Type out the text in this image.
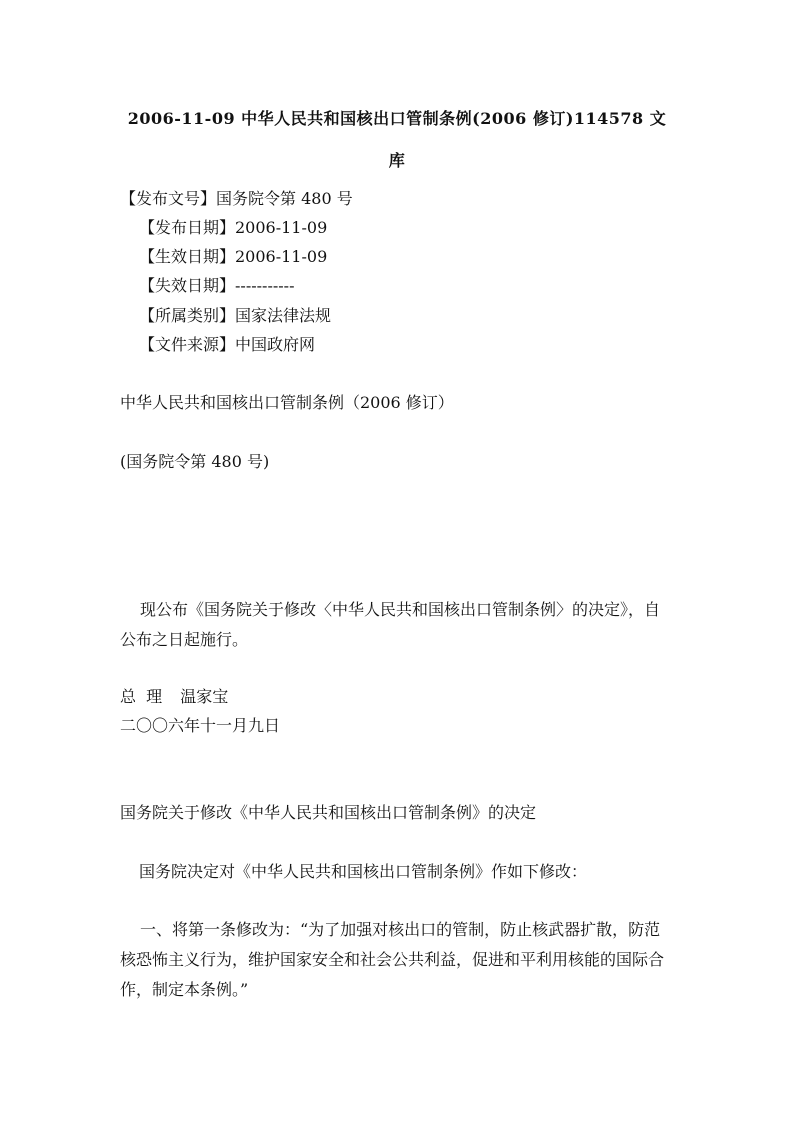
2006-11-09 中华人民共和国核出口管制条例(2006 修订)114578 文
库
【发布文号】国务院令第 480 号
【发布日期】2006-11-09
【生效日期】2006-11-09
【失效日期】-----------
【所属类别】国家法律法规
【文件来源】中国政府网
中华人民共和国核出口管制条例（2006 修订）
(国务院令第 480 号)
现公布《国务院关于修改〈中华人民共和国核出口管制条例〉的决定》，自公布之日起施行。
总  理 温家宝
二〇〇六年十一月九日
国务院关于修改《中华人民共和国核出口管制条例》的决定
国务院决定对《中华人民共和国核出口管制条例》作如下修改：
一、将第一条修改为：“为了加强对核出口的管制，防止核武器扩散，防范核恐怖主义行为，维护国家安全和社会公共利益，促进和平利用核能的国际合作，制定本条例。”
